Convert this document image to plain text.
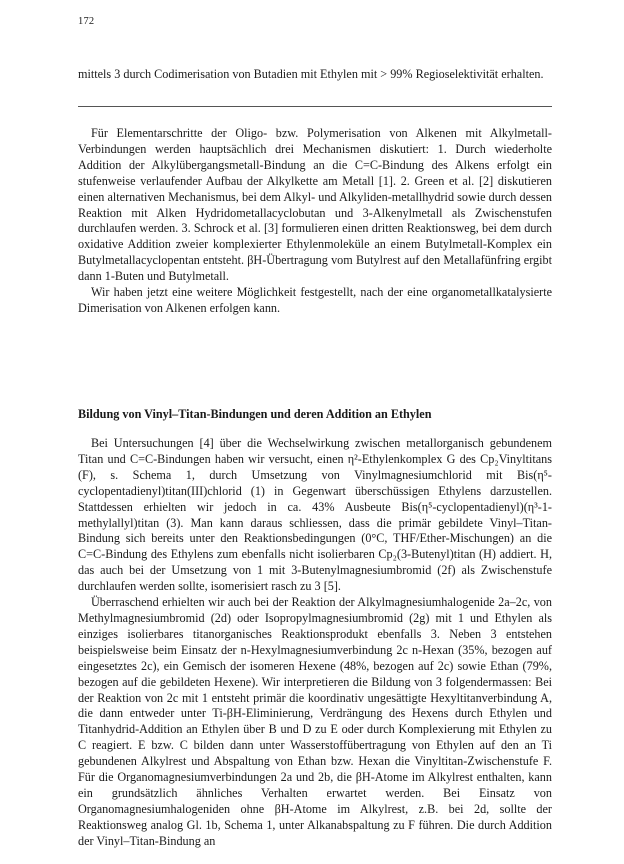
172

mittels 3 durch Codimerisation von Butadien mit Ethylen mit > 99% Regioselektivität erhalten.

Für Elementarschritte der Oligo- bzw. Polymerisation von Alkenen mit Alkylmetall-Verbindungen werden hauptsächlich drei Mechanismen diskutiert: 1. Durch wiederholte Addition der Alkylübergangsmetall-Bindung an die C=C-Bindung des Alkens erfolgt ein stufenweise verlaufender Aufbau der Alkylkette am Metall [1]. 2. Green et al. [2] diskutieren einen alternativen Mechanismus, bei dem Alkyl- und Alkyliden-metallhydrid sowie durch dessen Reaktion mit Alken Hydridometallacyclobutan und 3-Alkenylmetall als Zwischenstufen durchlaufen werden. 3. Schrock et al. [3] formulieren einen dritten Reaktionsweg, bei dem durch oxidative Addition zweier komplexierter Ethylenmoleküle an einem Butylmetall-Komplex ein Butylmetallacyclopentan entsteht. βH-Übertragung vom Butylrest auf den Metallafünfring ergibt dann 1-Buten und Butylmetall.

Wir haben jetzt eine weitere Möglichkeit festgestellt, nach der eine organometallkatalysierte Dimerisation von Alkenen erfolgen kann.

Bildung von Vinyl–Titan-Bindungen und deren Addition an Ethylen

Bei Untersuchungen [4] über die Wechselwirkung zwischen metallorganisch gebundenem Titan und C=C-Bindungen haben wir versucht, einen η²-Ethylenkomplex G des Cp₂Vinyltitans (F), s. Schema 1, durch Umsetzung von Vinylmagnesiumchlorid mit Bis(η⁵-cyclopentadienyl)titan(III)chlorid (1) in Gegenwart überschüssigen Ethylens darzustellen. Stattdessen erhielten wir jedoch in ca. 43% Ausbeute Bis(η⁵-cyclopentadienyl)(η³-1-methylallyl)titan (3). Man kann daraus schliessen, dass die primär gebildete Vinyl–Titan-Bindung sich bereits unter den Reaktionsbedingungen (0°C, THF/Ether-Mischungen) an die C=C-Bindung des Ethylens zum ebenfalls nicht isolierbaren Cp₂(3-Butenyl)titan (H) addiert. H, das auch bei der Umsetzung von 1 mit 3-Butenylmagnesiumbromid (2f) als Zwischenstufe durchlaufen werden sollte, isomerisiert rasch zu 3 [5].

Überraschend erhielten wir auch bei der Reaktion der Alkylmagnesiumhalogenide 2a–2c, von Methylmagnesiumbromid (2d) oder Isopropylmagnesiumbromid (2g) mit 1 und Ethylen als einziges isolierbares titanorganisches Reaktionsprodukt ebenfalls 3. Neben 3 entstehen beispielsweise beim Einsatz der n-Hexylmagnesiumverbindung 2c n-Hexan (35%, bezogen auf eingesetztes 2c), ein Gemisch der isomeren Hexene (48%, bezogen auf 2c) sowie Ethan (79%, bezogen auf die gebildeten Hexene). Wir interpretieren die Bildung von 3 folgendermassen: Bei der Reaktion von 2c mit 1 entsteht primär die koordinativ ungesättigte Hexyltitanverbindung A, die dann entweder unter Ti-βH-Eliminierung, Verdrängung des Hexens durch Ethylen und Titanhydrid-Addition an Ethylen über B und D zu E oder durch Komplexierung mit Ethylen zu C reagiert. E bzw. C bilden dann unter Wasserstoffübertragung von Ethylen auf den an Ti gebundenen Alkylrest und Abspaltung von Ethan bzw. Hexan die Vinyltitan-Zwischenstufe F. Für die Organomagnesiumverbindungen 2a und 2b, die βH-Atome im Alkylrest enthalten, kann ein grundsätzlich ähnliches Verhalten erwartet werden. Bei Einsatz von Organomagnesiumhalogeniden ohne βH-Atome im Alkylrest, z.B. bei 2d, sollte der Reaktionsweg analog Gl. 1b, Schema 1, unter Alkanabspaltung zu F führen. Die durch Addition der Vinyl–Titan-Bindung an
